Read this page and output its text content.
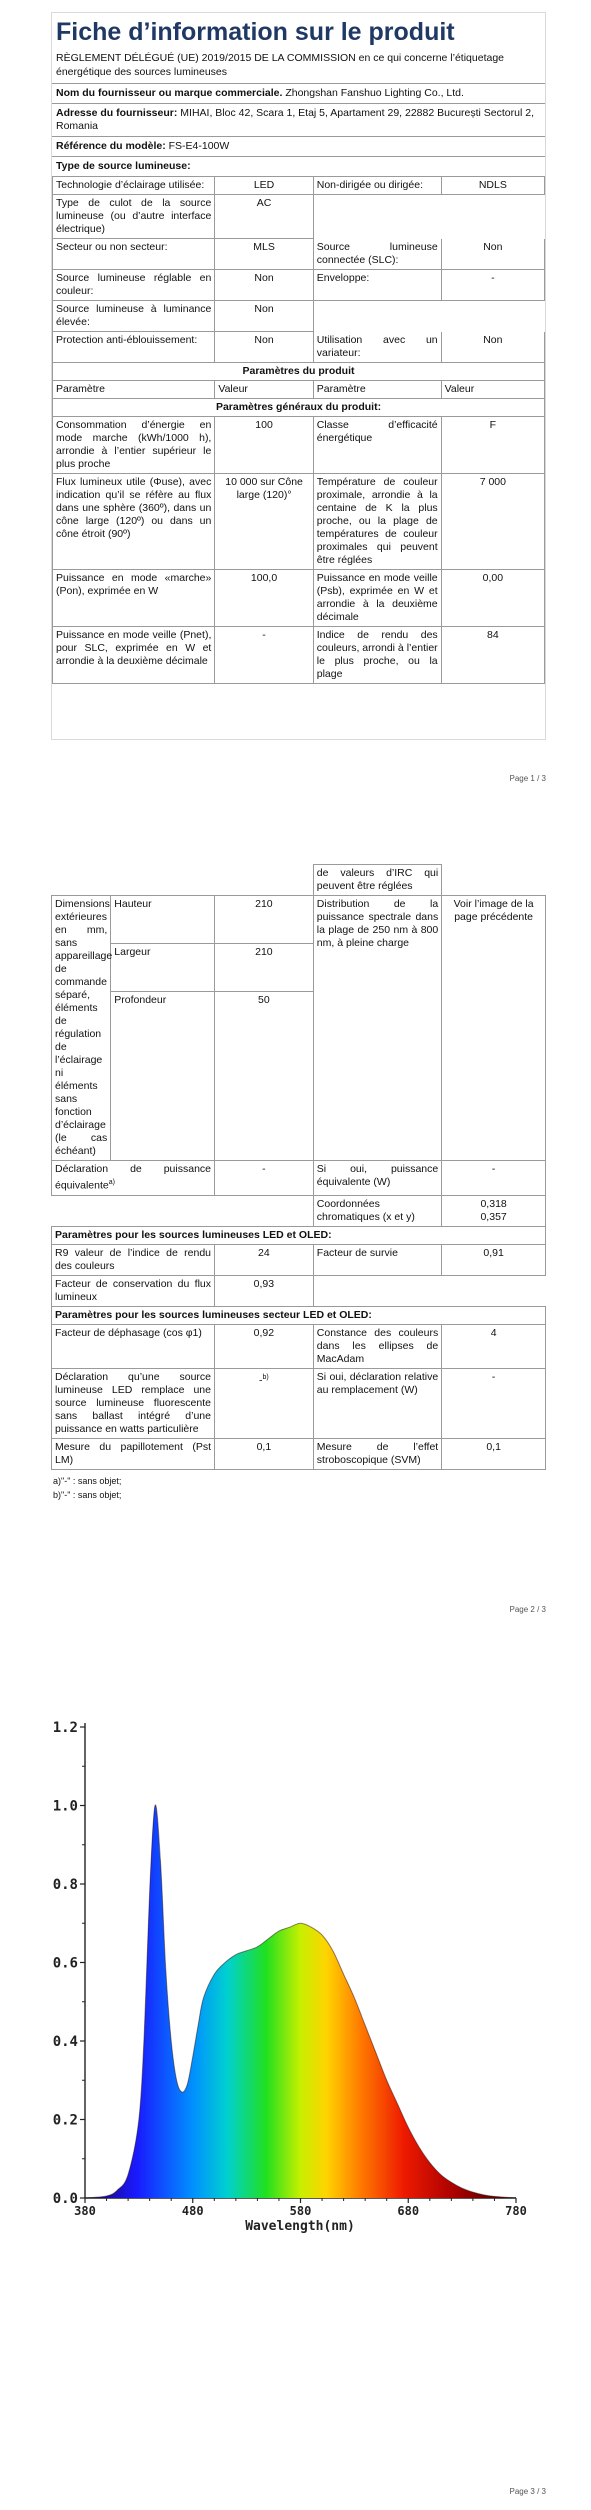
Fiche d’information sur le produit
RÈGLEMENT DÉLÉGUÉ (UE) 2019/2015 DE LA COMMISSION en ce qui concerne l’étiquetage énergétique des sources lumineuses
Nom du fournisseur ou marque commerciale. Zhongshan Fanshuo Lighting Co., Ltd.
Adresse du fournisseur: MIHAI, Bloc 42, Scara 1, Etaj 5, Apartament 29, 22882 București Sectorul 2, Romania
Référence du modèle: FS-E4-100W
Type de source lumineuse:
Technologie d’éclairage utilisée:	LED	Non-dirigée ou dirigée:	NDLS
Type de culot de la source lumineuse (ou d’autre interface électrique)	AC		
Secteur ou non secteur:	MLS	Source lumineuse connectée (SLC):	Non
Source lumineuse réglable en couleur:	Non	Enveloppe:	-
Source lumineuse à luminance élevée:	Non		
Protection anti-éblouissement:	Non	Utilisation avec un variateur:	Non
Paramètres du produit			
Paramètre	Valeur	Paramètre	Valeur
Paramètres généraux du produit:			
Consommation d’énergie en mode marche (kWh/1000 h), arrondie à l’entier supérieur le plus proche	100	Classe d’efficacité énergétique	F
Flux lumineux utile (Φuse), avec indication qu’il se réfère au flux dans une sphère (360º), dans un cône large (120º) ou dans un cône étroit (90º)	10 000 sur Cône large (120)°	Température de couleur proximale, arrondie à la centaine de K la plus proche, ou la plage de températures de couleur proximales qui peuvent être réglées	7 000
Puissance en mode «marche» (Pon), exprimée en W	100,0	Puissance en mode veille (Psb), exprimée en W et arrondie à la deuxième décimale	0,00
Puissance en mode veille (Pnet), pour SLC, exprimée en W et arrondie à la deuxième décimale	-	Indice de rendu des couleurs, arrondi à l’entier le plus proche, ou la plage	84
Page 1 / 3
			de valeurs d’IRC qui peuvent être réglées	
Dimensions extérieures en mm, sans appareillage de commande séparé, éléments de régulation de l’éclairage ni éléments sans fonction d’éclairage (le cas échéant)	Hauteur	210	Distribution de la puissance spectrale dans la plage de 250 nm à 800 nm, à pleine charge	Voir l’image de la page précédente
	Largeur	210		
	Profondeur	50		
Déclaration de puissance équivalente$^{a)}$		-	Si oui, puissance équivalente (W)	-
			Coordonnées chromatiques (x et y)	0,318
0,357

Paramètres pour les sources lumineuses LED et OLED:				
R9 valeur de l’indice de rendu des couleurs		24	Facteur de survie	0,91
Facteur de conservation du flux lumineux		0,93		
Paramètres pour les sources lumineuses secteur LED et OLED:				
Facteur de déphasage (cos φ1)		0,92	Constance des couleurs dans les ellipses de MacAdam	4
Déclaration qu’une source lumineuse LED remplace une source lumineuse fluorescente sans ballast intégré d’une puissance en watts particulière		-$^{b)}$	Si oui, déclaration relative au remplacement (W)	-
Mesure du papillotement (Pst LM)		0,1	Mesure de l’effet stroboscopique (SVM)	0,1
a)"-" : sans objet;
b)"-" : sans objet;
Page 2 / 3
380	480	580	680	780
0.0
0.2
0.4
0.6
0.8
1.0
1.2
Wavelength(nm)
Page 3 / 3
